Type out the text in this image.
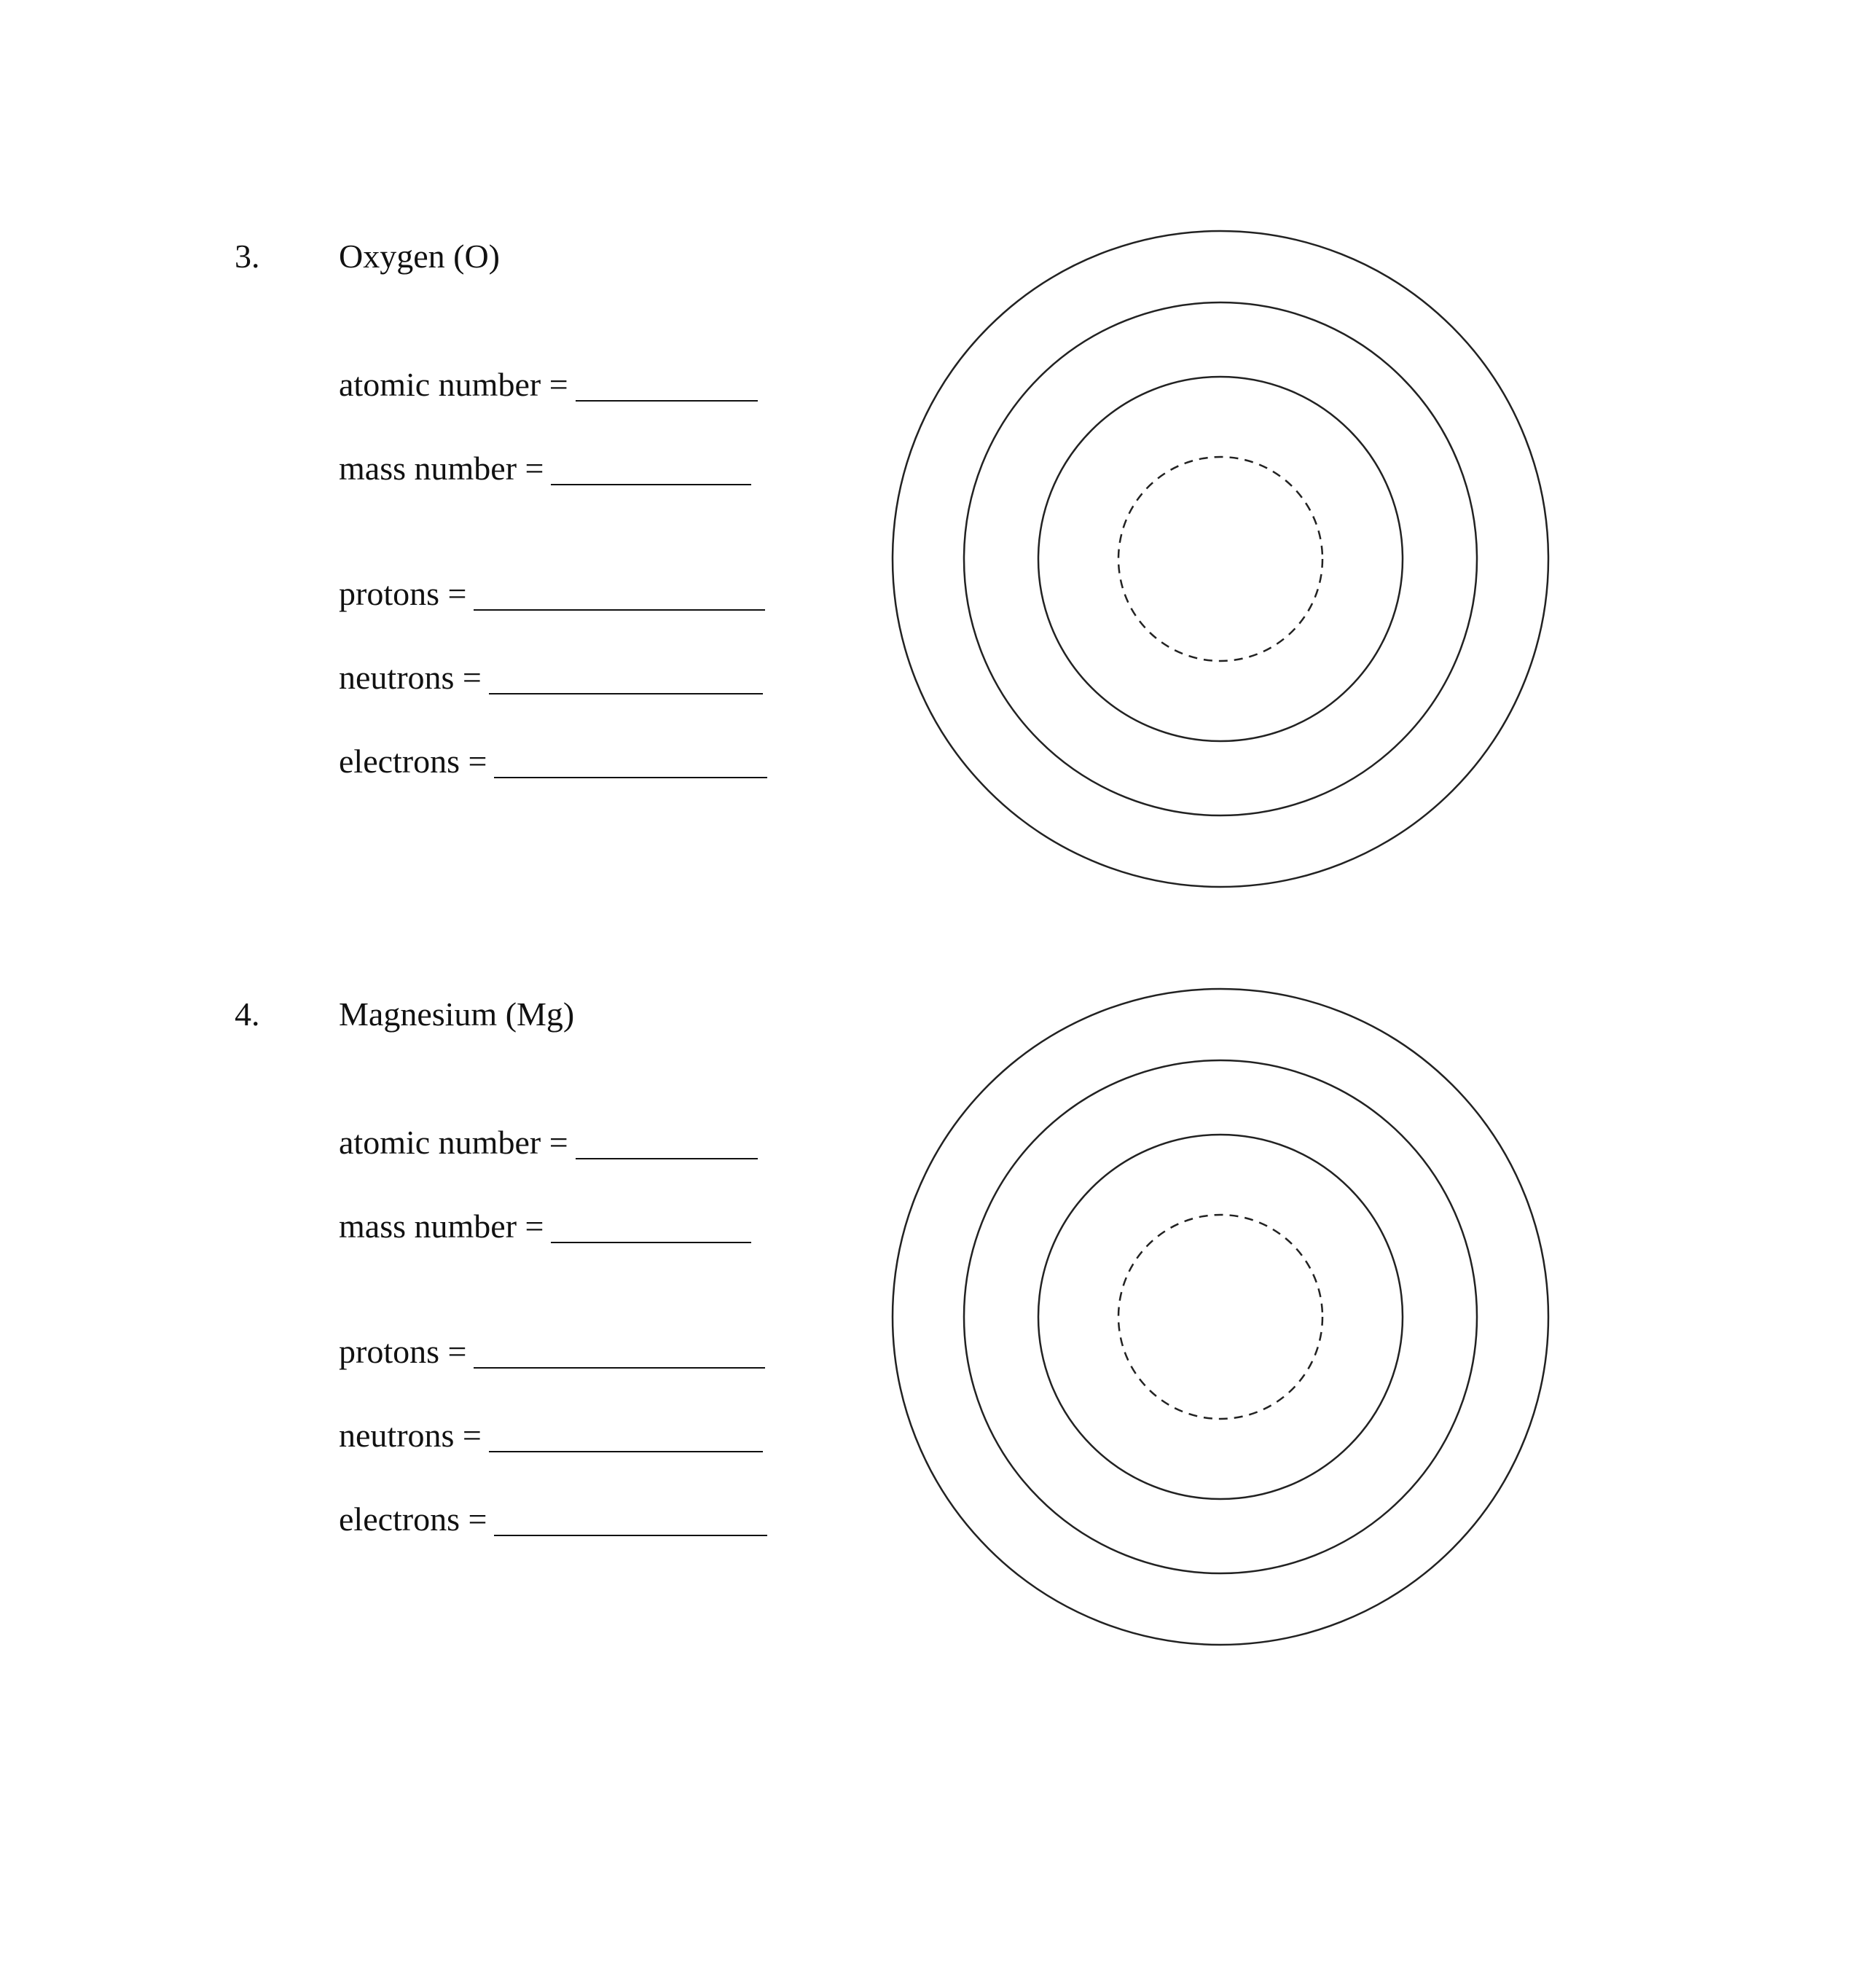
3. Oxygen (O)
atomic number =
mass number =
protons =
neutrons =
electrons =
4. Magnesium (Mg)
atomic number =
mass number =
protons =
neutrons =
electrons =
